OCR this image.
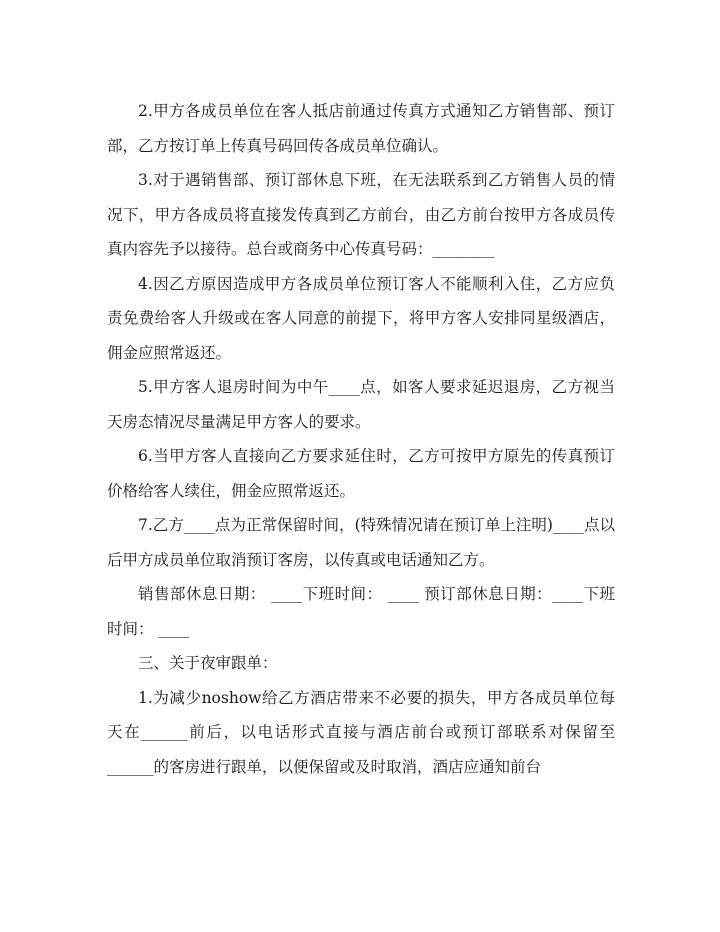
2.甲方各成员单位在客人抵店前通过传真方式通知乙方销售部、预订部，乙方按订单上传真号码回传各成员单位确认。

3.对于遇销售部、预订部休息下班，在无法联系到乙方销售人员的情况下，甲方各成员将直接发传真到乙方前台，由乙方前台按甲方各成员传真内容先予以接待。总台或商务中心传真号码：________

4.因乙方原因造成甲方各成员单位预订客人不能顺利入住，乙方应负责免费给客人升级或在客人同意的前提下，将甲方客人安排同星级酒店，佣金应照常返还。

5.甲方客人退房时间为中午____点，如客人要求延迟退房，乙方视当天房态情况尽量满足甲方客人的要求。

6.当甲方客人直接向乙方要求延住时，乙方可按甲方原先的传真预订价格给客人续住，佣金应照常返还。

7.乙方____点为正常保留时间，(特殊情况请在预订单上注明)____点以后甲方成员单位取消预订客房，以传真或电话通知乙方。

销售部休息日期： ____下班时间： ____ 预订部休息日期：____下班时间： ____

三、关于夜审跟单：

1.为减少noshow给乙方酒店带来不必要的损失，甲方各成员单位每天在______前后，以电话形式直接与酒店前台或预订部联系对保留至______的客房进行跟单，以便保留或及时取消，酒店应通知前台
